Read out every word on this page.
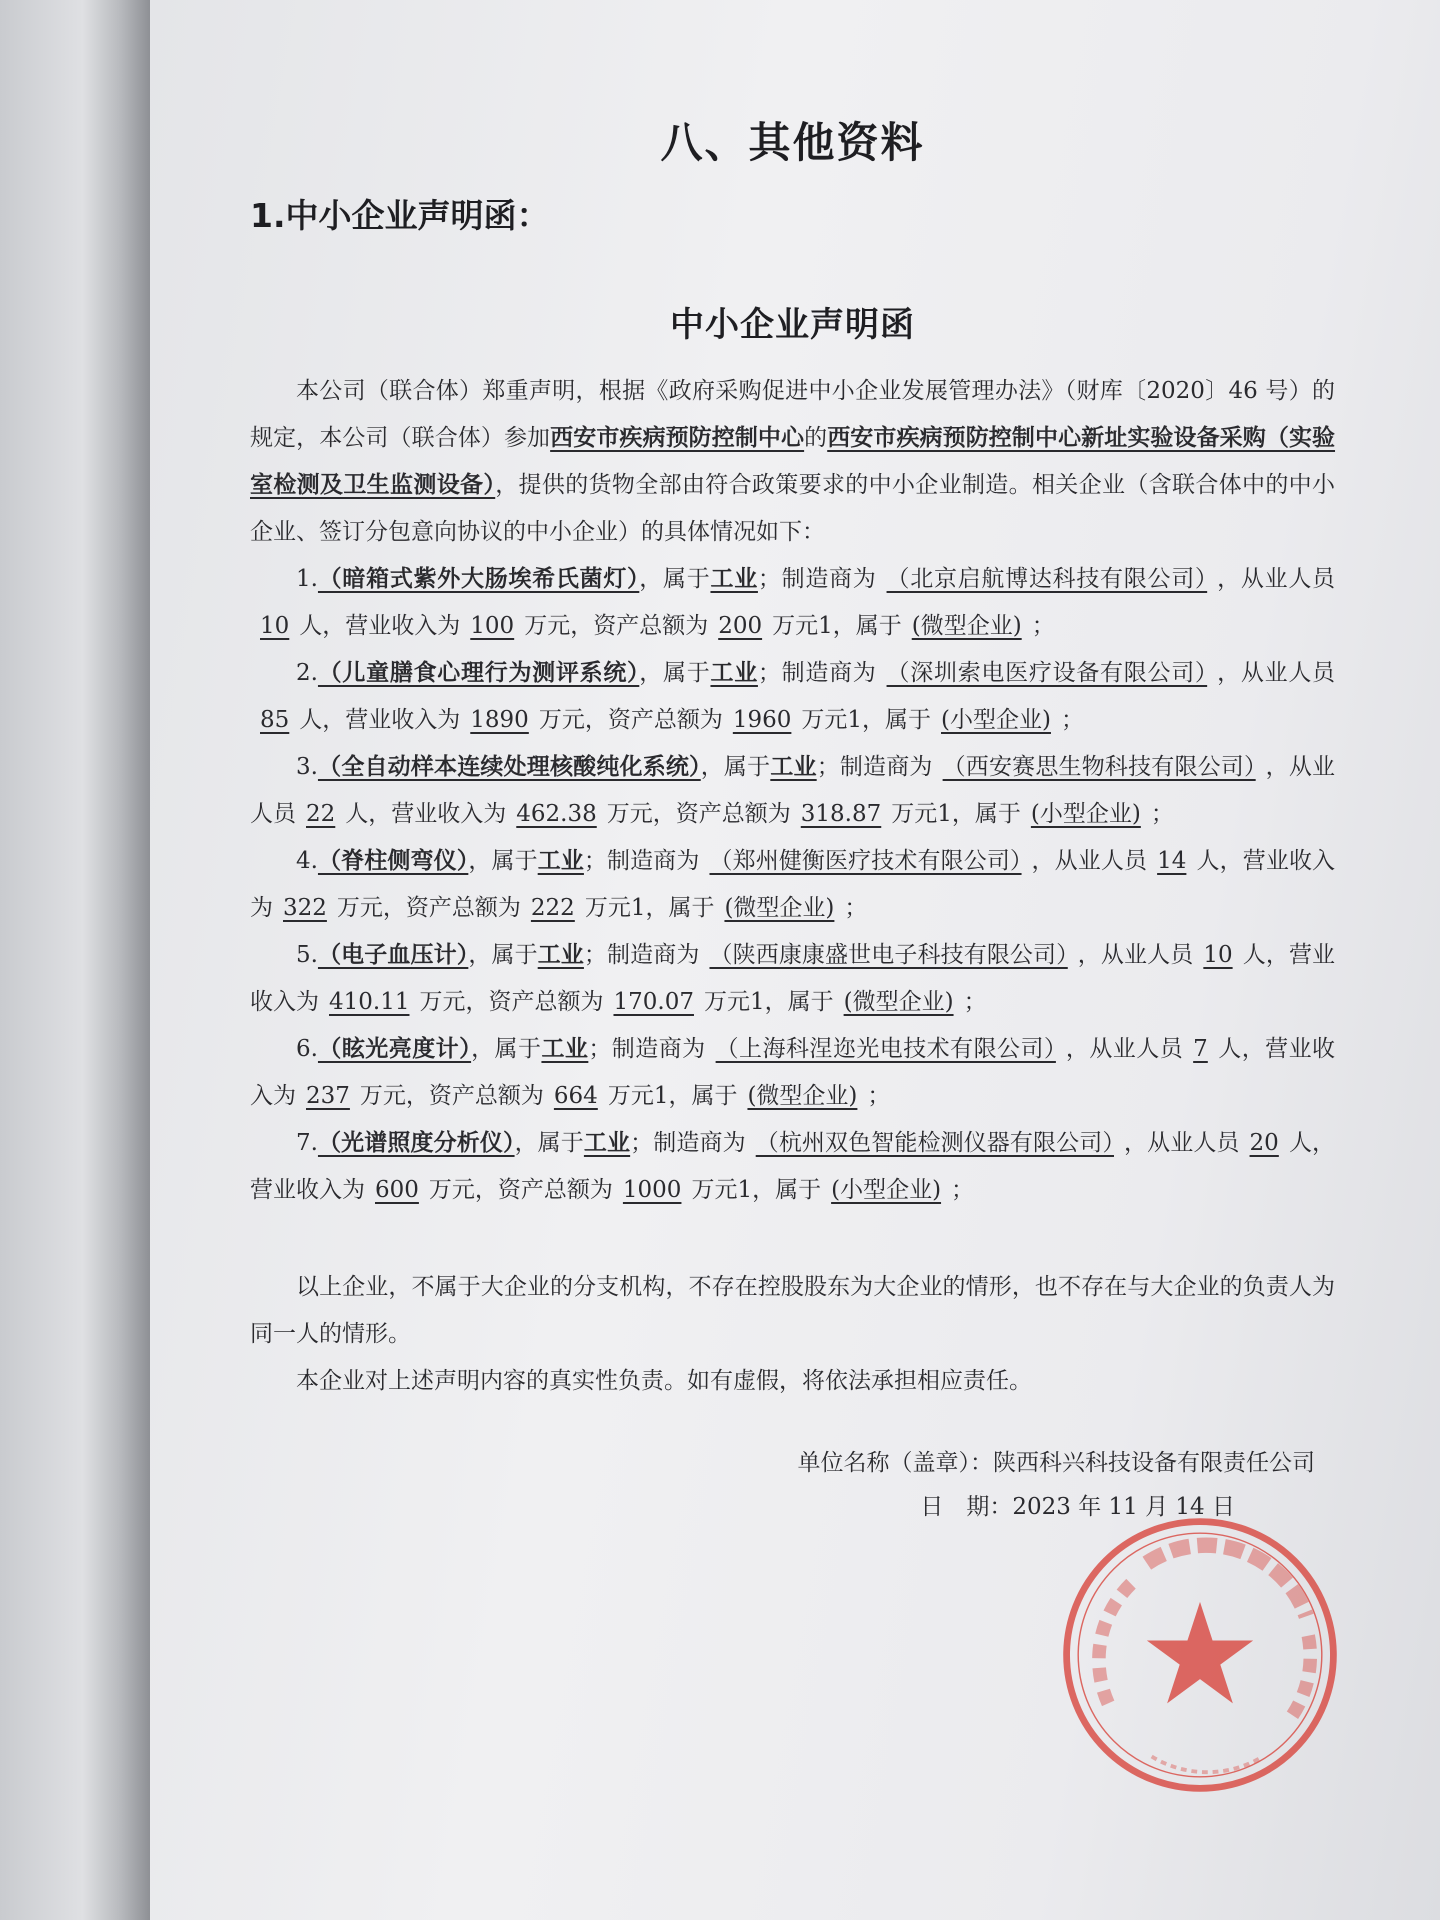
八、其他资料
1.中小企业声明函：
中小企业声明函

本公司（联合体）郑重声明，根据《政府采购促进中小企业发展管理办法》（财库〔2020〕46 号）的规定，本公司（联合体）参加西安市疾病预防控制中心的西安市疾病预防控制中心新址实验设备采购（实验室检测及卫生监测设备），提供的货物全部由符合政策要求的中小企业制造。相关企业（含联合体中的中小企业、签订分包意向协议的中小企业）的具体情况如下：

1.（暗箱式紫外大肠埃希氏菌灯），属于工业；制造商为 （北京启航博达科技有限公司） ，从业人员10 人，营业收入为 100 万元，资产总额为 200 万元1，属于 (微型企业) ；

2.（儿童膳食心理行为测评系统），属于工业；制造商为 （深圳索电医疗设备有限公司） ，从业人员85 人，营业收入为 1890 万元，资产总额为 1960 万元1，属于 (小型企业) ；

3.（全自动样本连续处理核酸纯化系统），属于工业；制造商为 （西安赛思生物科技有限公司） ，从业人员 22 人，营业收入为 462.38 万元，资产总额为 318.87 万元1，属于 (小型企业) ；

4.（脊柱侧弯仪），属于工业；制造商为 （郑州健衡医疗技术有限公司） ，从业人员 14 人，营业收入为 322 万元，资产总额为 222 万元1，属于 (微型企业) ；

5.（电子血压计），属于工业；制造商为 （陕西康康盛世电子科技有限公司） ，从业人员 10 人，营业收入为 410.11 万元，资产总额为 170.07 万元1，属于 (微型企业) ；

6.（眩光亮度计），属于工业；制造商为 （上海科涅迩光电技术有限公司） ，从业人员 7 人，营业收入为 237 万元，资产总额为 664 万元1，属于 (微型企业) ；

7.（光谱照度分析仪），属于工业；制造商为 （杭州双色智能检测仪器有限公司） ，从业人员 20 人，营业收入为 600 万元，资产总额为 1000 万元1，属于 (小型企业) ；

以上企业，不属于大企业的分支机构，不存在控股股东为大企业的情形，也不存在与大企业的负责人为同一人的情形。

本企业对上述声明内容的真实性负责。如有虚假，将依法承担相应责任。

单位名称（盖章）：陕西科兴科技设备有限责任公司
日　期：2023 年 11 月 14 日
